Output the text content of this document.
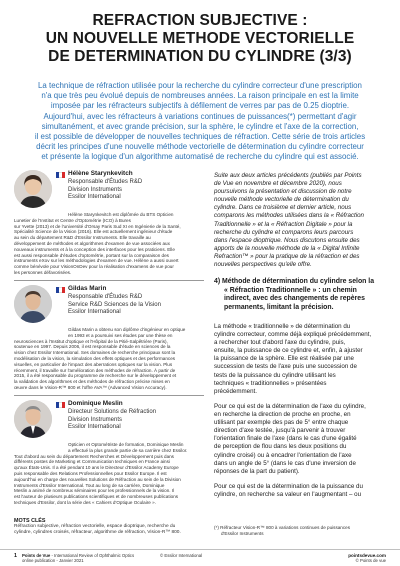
REFRACTION SUBJECTIVE :
UN NOUVELLE METHODE VECTORIELLE
DE DETERMINATION DU CYLINDRE (3/3)
La technique de réfraction utilisée pour la recherche du cylindre correcteur d'une prescription
n'a que très peu évolué depuis de nombreuses années. La raison principale en est la limite
imposée par les réfracteurs subjectifs à défilement de verres par pas de 0.25 dioptrie.
Aujourd'hui, avec les réfracteurs à variations continues de puissances(*) permettant d'agir
simultanément, et avec grande précision, sur la sphère, le cylindre et l'axe de la correction,
il est possible de développer de nouvelles techniques de réfraction. Cette série de trois articles
décrit les principes d'une nouvelle méthode vectorielle de détermination du cylindre correcteur
et présente la logique d'un algorithme automatisé de recherche du cylindre qui est associé.
Hélène Starynkevitch
Responsable d'Études R&D
Division Instruments
Essilor International
Hélène Starynkevitch est diplômée du BTS Opticien
Lunetier de l'Institut et Centre d'Optométrie (ICO) à Bures
sur Yvette (2013) et de l'université d'Orsay Paris Sud XI en Ingénierie de la Santé,
Spécialité Science de la Vision (2016). Elle est actuellement ingénieur d'étude
au sein du département R&D d'Essilor Instruments. Elle travaille au
développement de méthodes et algorithmes d'examen de vue associées aux
nouveaux instruments et à la conception des interfaces pour les praticiens. Elle
est aussi responsable d'études d'optométrie, portant sur la comparaison des
instruments eXov sur les méthodologies d'examen de vue. Hélène a aussi ouvert
comme bénévole pour VisionOnDev pour la réalisation d'examens de vue pour
les personnes défavorisées.
Gildas Marin
Responsable d'Études R&D
Service R&D Sciences de la Vision
Essilor International
Gildas Marin a obtenu son diplôme d'ingénieur en optique
en 1993 et a poursuivi ses études par une thèse en
neurosciences à l'Institut d'optique et l'Hôpital de la Pitié-Salpêtrière (Paris),
soutenue en 1997. Depuis 2006, il est responsable d'étude en sciences de la
vision chez Essilor International. Ses domaines de recherche principaux sont la
modélisation de la vision, la simulation des effets optiques et des performances
visuelles, en particulier de l'impact des aberrations optiques sur la vision. Plus
récemment, il travaille sur l'amélioration des méthodes de réfraction. À partir de
2015, il a été responsable du programme de recherche sur le développement et
la validation des algorithmes et des méthodes de réfraction précise mises en
œuvre dans le Vision-R™ 800 et l'offre AVA™ (Advanced Vision Accuracy).
Dominique Meslin
Directeur Solutions de Réfraction
Division Instruments
Essilor International
Opticien et Optométriste de formation, Dominique Meslin
a effectué la plus grande partie de sa carrière chez Essilor.
Tout d'abord au sein du département Recherches et Développement puis dans
différents postes de Marketing et Communication techniques en France ainsi
qu'aux États-Unis. Il a été pendant 10 ans le Directeur d'Essilor Academy Europe
puis responsable des Relations Professionnelles pour Essilor Europe. Il est
aujourd'hui en charge des nouvelles Solutions de Réfraction au sein de la Division
Instruments d'Essilor International. Tout au long de sa carrière, Dominique
Meslin a animé de nombreux séminaires pour les professionnels de la vision. Il
est l'auteur de plusieurs publications scientifiques et de nombreuses publications
techniques d'Essilor, dont la série des « Cahiers d'Optique Oculaire ».
MOTS CLÉS
Réfraction subjective, réfraction vectorielle, espace dioptrique, recherche du
cylindre, cylindres croisés, réfracteur, algorithme de réfraction, Vision-R™ 800.
Suite aux deux articles précédents (publiés par Points
de Vue en novembre et décembre 2020), nous
poursuivons la présentation et discussion de notre
nouvelle méthode vectorielle de détermination du
cylindre. Dans ce troisième et dernier article, nous
comparons les méthodes utilisées dans la « Réfraction
Traditionnelle » et la « Réfraction Digitale » pour la
recherche du cylindre et comparons leurs parcours
dans l'espace dioptrique. Nous discutons ensuite des
apports de la nouvelle méthode de la « Digital Infinite
Refraction™ » pour la pratique de la réfraction et des
nouvelles perspectives qu'elle offre.
4) Méthode de détermination du cylindre selon la
« Réfraction Traditionnelle » : un chemin
indirect, avec des changements de repères
permanents, limitant la précision.
La méthode « traditionnelle » de détermination du
cylindre correcteur, comme déjà expliqué précédemment,
a rechercher tout d'abord l'axe du cylindre, puis,
ensuite, la puissance de ce cylindre et, enfin, à ajuster
la puissance de la sphère. Elle est réalisée par une
succession de tests de l'axe puis une succession de
tests de la puissance du cylindre utilisant les
techniques « traditionnelles » présentées
précédemment.
Pour ce qui est de la détermination de l'axe du cylindre,
en recherche la direction de proche en proche, en
utilisant par exemple des pas de 5° entre chaque
direction d'axe testée, jusqu'à parvenir à trouver
l'orientation finale de l'axe (dans le cas d'une égalité
de perception de flou dans les deux positions du
cylindre croisé) ou à encadrer l'orientation de l'axe
dans un angle de 5° (dans le cas d'une inversion de
réponses de la part du patient).
Pour ce qui est de la détermination de la puissance du
cylindre, on recherche sa valeur en l'augmentant – ou
(*) Réfracteur Vision-R™ 800 à variations continues de puissances
d'Essilor Instruments
1 Points de Vue - International Review of Ophthalmic Optics
online publication - Janvier 2021
© Essilor International	pointsdevue.com
© Points de vue
